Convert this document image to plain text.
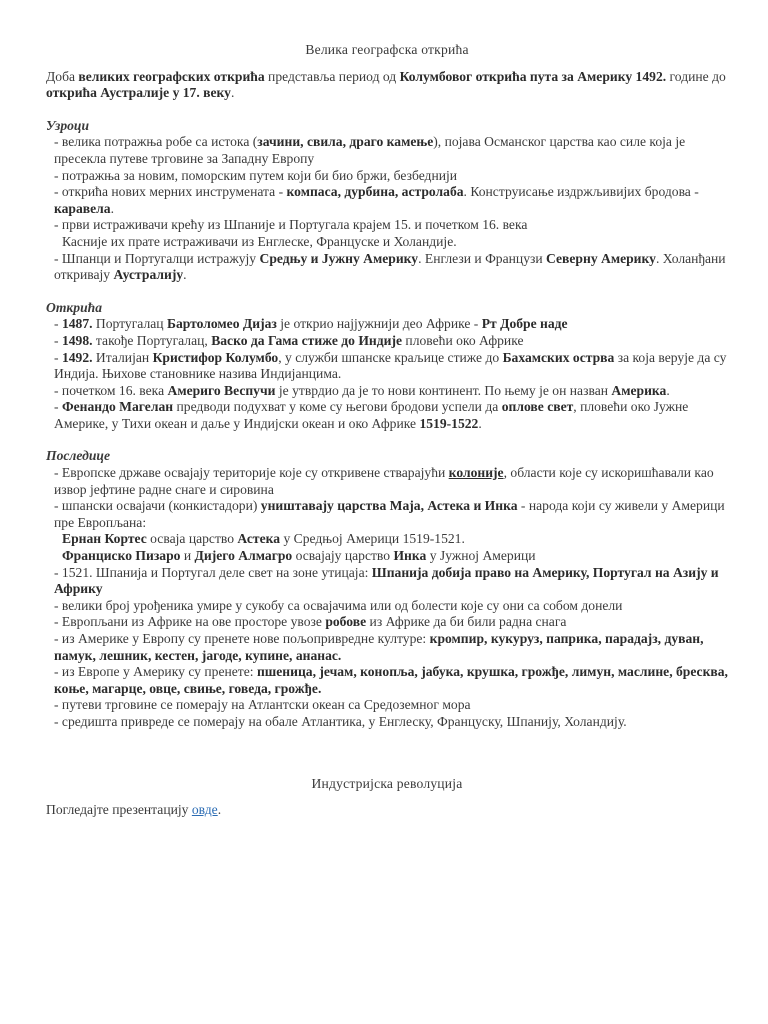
Велика географска открића

Доба великих географских открића представља период од Колумбовог открића пута за Америку 1492. године до открића Аустралије у 17. веку.

Узроци

- велика потражња робе са истока (зачини, свила, драго камење), појава Османског царства као силе која је пресекла путеве трговине за Западну Европу
- потражња за новим, поморским путем који би био бржи, безбеднији
- открића нових мерних инструмената - компаса, дурбина, астролаба. Конструисање издржљивијих бродова - каравела.
- први истраживачи крећу из Шпаније и Португала крајем 15. и почетком 16. века
Касније их прате истраживачи из Енглеске, Француске и Холандије.
- Шпанци и Португалци истражују Средњу и Јужну Америку. Енглези и Французи Северну Америку. Холанђани откривају Аустралију.

Открића

- 1487. Португалац Бартоломео Дијаз је открио најјужнији део Африке - Рт Добре наде
- 1498. такође Португалац, Васко да Гама стиже до Индије пловећи око Африке
- 1492. Италијан Кристифор Колумбо, у служби шпанске краљице стиже до Бахамских острва за која верује да су Индија. Њихове становнике назива Индијанцима.
- почетком 16. века Америго Веспучи је утврдио да је то нови континент. По њему је он назван Америка.
- Фенандо Магелан предводи подухват у коме су његови бродови успели да оплове свет, пловећи око Јужне Америке, у Тихи океан и даље у Индијски океан и око Африке 1519-1522.

Последице

- Европске државе освајају територије које су откривене стварајући колоније, области које су искоришћавали као извор јефтине радне снаге и сировина
- шпански освајачи (конкистадори) уништавају царства Маја, Астека и Инка - народа који су живели у Америци пре Европљана:
Ернан Кортес осваја царство Астека у Средњој Америци 1519-1521.
Франциско Пизаро и Дијего Алмагро освајају царство Инка у Јужној Америци
- 1521. Шпанија и Португал деле свет на зоне утицаја: Шпанија добија право на Америку, Португал на Азију и Африку
- велики број урођеника умире у сукобу са освајачима или од болести које су они са собом донели
- Европљани из Африке на ове просторе увозе робове из Африке да би били радна снага
- из Америке у Европу су пренете нове пољопривредне културе: кромпир, кукуруз, паприка, парадајз, дуван, памук, лешник, кестен, јагоде, купине, ананас.
- из Европе у Америку су пренете: пшеница, јечам, конопља, јабука, крушка, грожђе, лимун, маслине, бресква, коње, магарце, овце, свиње, говеда, грожђе.
- путеви трговине се померају на Атлантски океан са Средоземног мора
- средишта привреде се померају на обале Атлантика, у Енглеску, Француску, Шпанију, Холандију.
Индустријска револуција

Погледајте презентацију овде.
